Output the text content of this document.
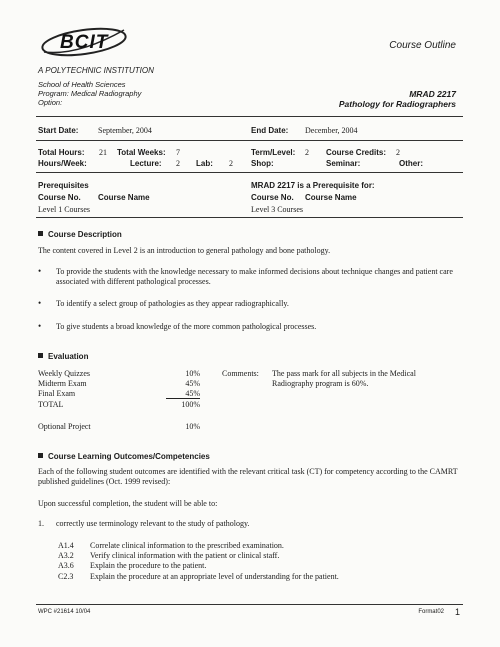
BCIT
A POLYTECHNIC INSTITUTION
Course Outline
School of Health Sciences
Program: Medical Radiography
Option:
MRAD 2217
Pathology for Radiographers
Start Date: September, 2004	End Date: December, 2004
Total Hours: 21 Total Weeks: 7	Term/Level: 2 Course Credits: 2
Hours/Week:	Lecture: 2 Lab: 2 Shop:	Seminar:	Other:
Prerequisites
Course No. Course Name
Level 1 Courses
MRAD 2217 is a Prerequisite for:
Course No. Course Name
Level 3 Courses
Course Description
The content covered in Level 2 is an introduction to general pathology and bone pathology.
• To provide the students with the knowledge necessary to make informed decisions about technique changes and patient care associated with different pathological processes.
• To identify a select group of pathologies as they appear radiographically.
• To give students a broad knowledge of the more common pathological processes.
Evaluation
Weekly Quizzes	10%
Midterm Exam	45%
Final Exam	45%
TOTAL	100%
Optional Project	10%
Comments: The pass mark for all subjects in the Medical Radiography program is 60%.
Course Learning Outcomes/Competencies
Each of the following student outcomes are identified with the relevant critical task (CT) for competency according to the CAMRT published guidelines (Oct. 1999 revised):
Upon successful completion, the student will be able to:
1. correctly use terminology relevant to the study of pathology.
A1.4 Correlate clinical information to the prescribed examination.
A3.2 Verify clinical information with the patient or clinical staff.
A3.6 Explain the procedure to the patient.
C2.3 Explain the procedure at an appropriate level of understanding for the patient.
WPC #21614 10/04	Format02 1
